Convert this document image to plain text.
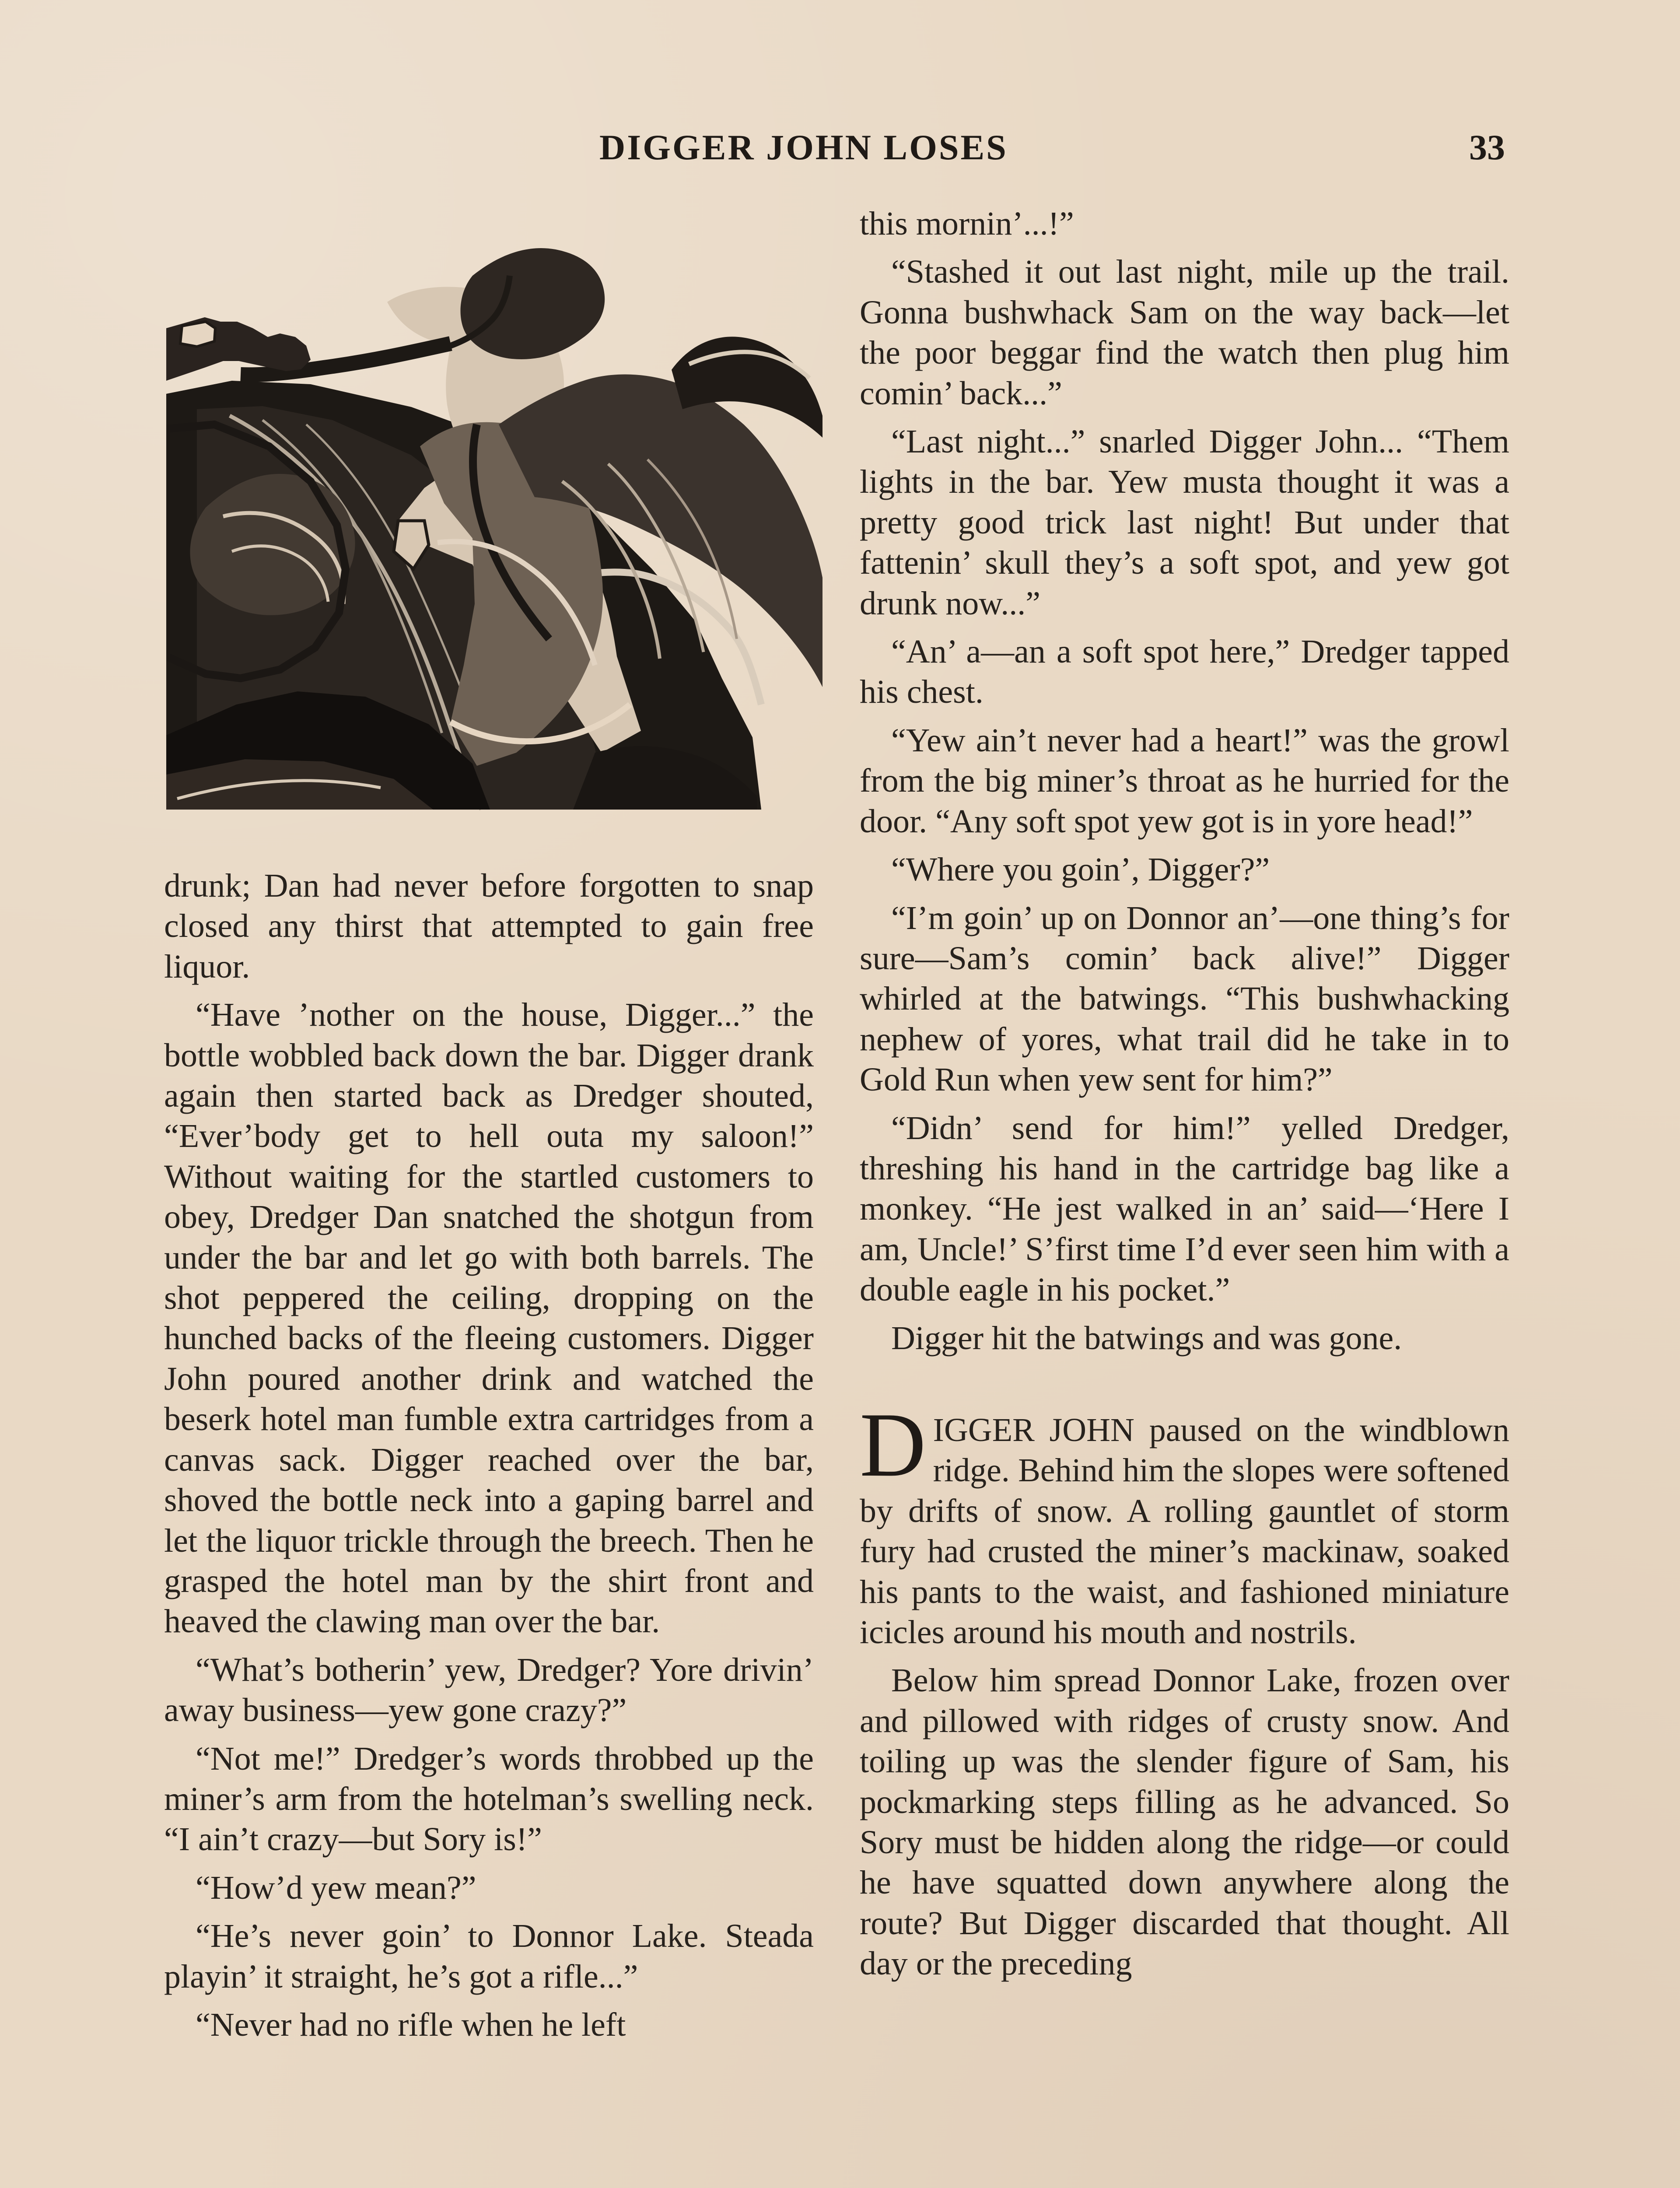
DIGGER JOHN LOSES	33

drunk; Dan had never before forgotten to snap closed any thirst that attempted to gain free liquor.

“Have ’nother on the house, Digger...” the bottle wobbled back down the bar. Digger drank again then started back as Dredger shouted, “Ever’body get to hell outa my saloon!” Without waiting for the startled customers to obey, Dredger Dan snatched the shotgun from under the bar and let go with both barrels. The shot peppered the ceiling, dropping on the hunched backs of the fleeing customers. Digger John poured another drink and watched the beserk hotel man fumble extra cartridges from a canvas sack. Digger reached over the bar, shoved the bottle neck into a gaping barrel and let the liquor trickle through the breech. Then he grasped the hotel man by the shirt front and heaved the clawing man over the bar.

“What’s botherin’ yew, Dredger? Yore drivin’ away business—yew gone crazy?”

“Not me!” Dredger’s words throbbed up the miner’s arm from the hotelman’s swelling neck. “I ain’t crazy—but Sory is!”

“How’d yew mean?”

“He’s never goin’ to Donnor Lake. Steada playin’ it straight, he’s got a rifle...”

“Never had no rifle when he left

this mornin’...!”

“Stashed it out last night, mile up the trail. Gonna bushwhack Sam on the way back—let the poor beggar find the watch then plug him comin’ back...”

“Last night...” snarled Digger John... “Them lights in the bar. Yew musta thought it was a pretty good trick last night! But under that fattenin’ skull they’s a soft spot, and yew got drunk now...”

“An’ a—an a soft spot here,” Dredger tapped his chest.

“Yew ain’t never had a heart!” was the growl from the big miner’s throat as he hurried for the door. “Any soft spot yew got is in yore head!”

“Where you goin’, Digger?”

“I’m goin’ up on Donnor an’—one thing’s for sure—Sam’s comin’ back alive!” Digger whirled at the batwings. “This bushwhacking nephew of yores, what trail did he take in to Gold Run when yew sent for him?”

“Didn’ send for him!” yelled Dredger, threshing his hand in the cartridge bag like a monkey. “He jest walked in an’ said—‘Here I am, Uncle!’ S’first time I’d ever seen him with a double eagle in his pocket.”

Digger hit the batwings and was gone.

D IGGER JOHN paused on the windblown ridge. Behind him the slopes were softened by drifts of snow. A rolling gauntlet of storm fury had crusted the miner’s mackinaw, soaked his pants to the waist, and fashioned miniature icicles around his mouth and nostrils.

Below him spread Donnor Lake, frozen over and pillowed with ridges of crusty snow. And toiling up was the slender figure of Sam, his pockmarking steps filling as he advanced. So Sory must be hidden along the ridge—or could he have squatted down anywhere along the route? But Digger discarded that thought. All day or the preceding
